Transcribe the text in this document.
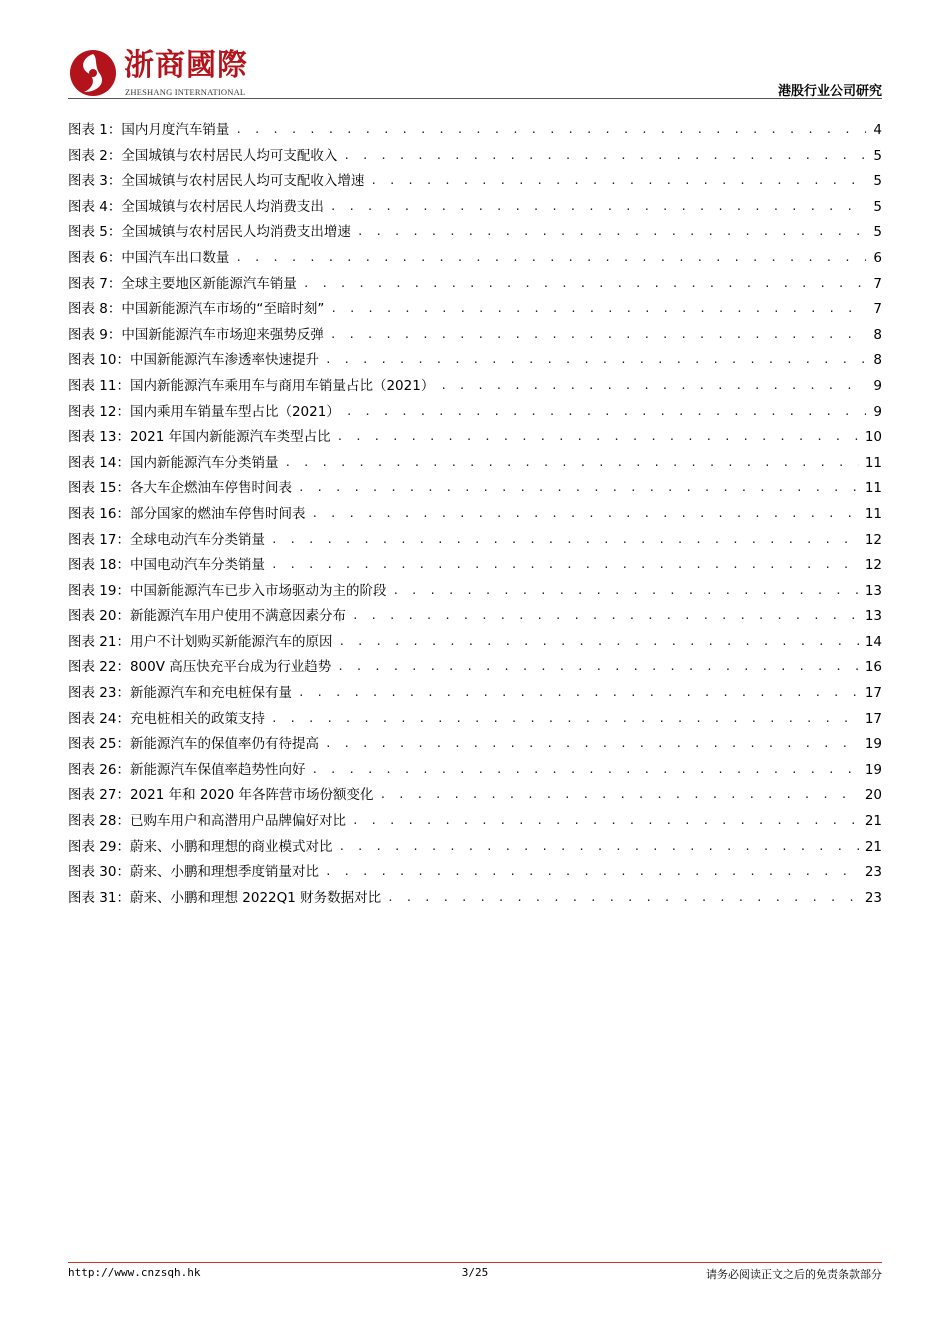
浙商國際
ZHESHANG INTERNATIONAL	港股行业公司研究
图表 1：国内月度汽车销量 . . .	4
图表 2：全国城镇与农村居民人均可支配收入 . . .	5
图表 3：全国城镇与农村居民人均可支配收入增速 . . .	5
图表 4：全国城镇与农村居民人均消费支出 . . .	5
图表 5：全国城镇与农村居民人均消费支出增速 . . .	5
图表 6：中国汽车出口数量 . . .	6
图表 7：全球主要地区新能源汽车销量 . . .	7
图表 8：中国新能源汽车市场的“至暗时刻” . . .	7
图表 9：中国新能源汽车市场迎来强势反弹 . . .	8
图表 10：中国新能源汽车渗透率快速提升 . . .	8
图表 11：国内新能源汽车乘用车与商用车销量占比（2021） . . .	9
图表 12：国内乘用车销量车型占比（2021） . . .	9
图表 13：2021 年国内新能源汽车类型占比 . . .	10
图表 14：国内新能源汽车分类销量 . . .	11
图表 15：各大车企燃油车停售时间表 . . .	11
图表 16：部分国家的燃油车停售时间表 . . .	11
图表 17：全球电动汽车分类销量 . . .	12
图表 18：中国电动汽车分类销量 . . .	12
图表 19：中国新能源汽车已步入市场驱动为主的阶段 . . .	13
图表 20：新能源汽车用户使用不满意因素分布 . . .	13
图表 21：用户不计划购买新能源汽车的原因 . . .	14
图表 22：800V 高压快充平台成为行业趋势 . . .	16
图表 23：新能源汽车和充电桩保有量 . . .	17
图表 24：充电桩相关的政策支持 . . .	17
图表 25：新能源汽车的保值率仍有待提高 . . .	19
图表 26：新能源汽车保值率趋势性向好 . . .	19
图表 27：2021 年和 2020 年各阵营市场份额变化 . . .	20
图表 28：已购车用户和高潜用户品牌偏好对比 . . .	21
图表 29：蔚来、小鹏和理想的商业模式对比 . . .	21
图表 30：蔚来、小鹏和理想季度销量对比 . . .	23
图表 31：蔚来、小鹏和理想 2022Q1 财务数据对比 . . .	23
http://www.cnzsqh.hk	3/25	请务必阅读正文之后的免责条款部分
